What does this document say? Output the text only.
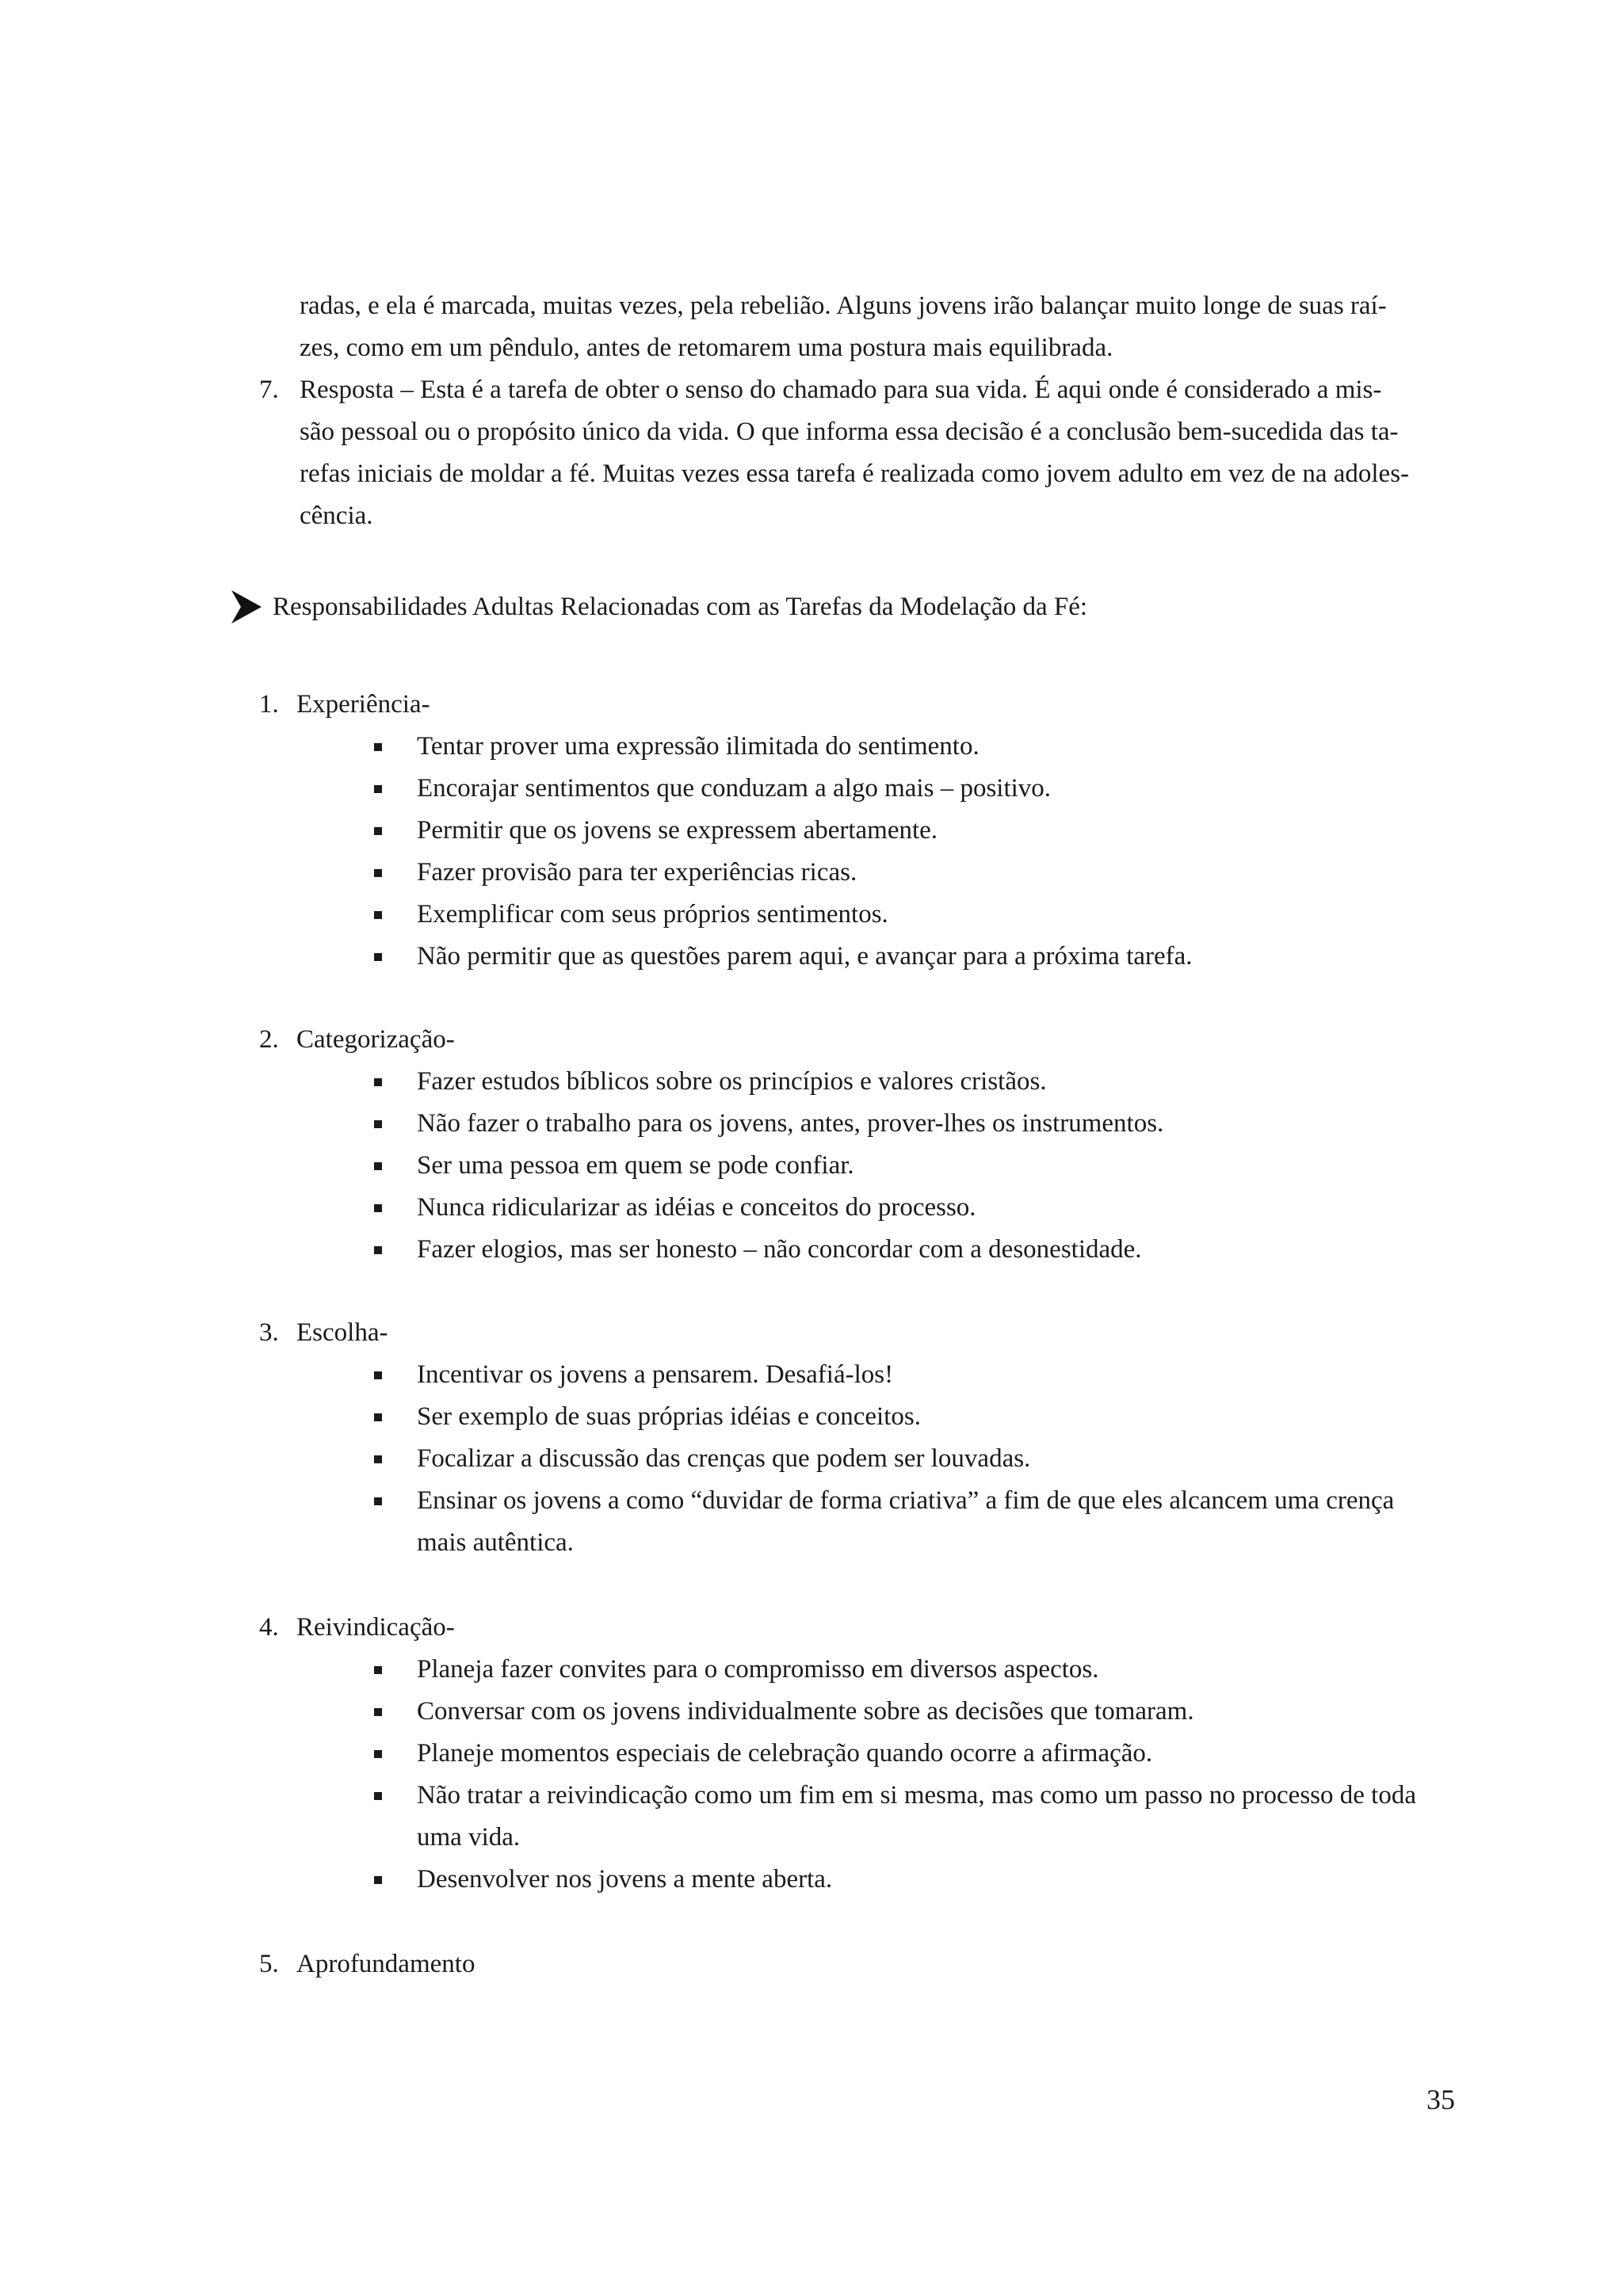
radas, e ela é marcada, muitas vezes, pela rebelião. Alguns jovens irão balançar muito longe de suas raí-
zes, como em um pêndulo, antes de retomarem uma postura mais equilibrada.
7. Resposta – Esta é a tarefa de obter o senso do chamado para sua vida. É aqui onde é considerado a mis-
são pessoal ou o propósito único da vida. O que informa essa decisão é a conclusão bem-sucedida das ta-
refas iniciais de moldar a fé. Muitas vezes essa tarefa é realizada como jovem adulto em vez de na adoles-
cência.
Responsabilidades Adultas Relacionadas com as Tarefas da Modelação da Fé:
1. Experiência-
Tentar prover uma expressão ilimitada do sentimento.
Encorajar sentimentos que conduzam a algo mais – positivo.
Permitir que os jovens se expressem abertamente.
Fazer provisão para ter experiências ricas.
Exemplificar com seus próprios sentimentos.
Não permitir que as questões parem aqui, e avançar para a próxima tarefa.
2. Categorização-
Fazer estudos bíblicos sobre os princípios e valores cristãos.
Não fazer o trabalho para os jovens, antes, prover-lhes os instrumentos.
Ser uma pessoa em quem se pode confiar.
Nunca ridicularizar as idéias e conceitos do processo.
Fazer elogios, mas ser honesto – não concordar com a desonestidade.
3. Escolha-
Incentivar os jovens a pensarem. Desafiá-los!
Ser exemplo de suas próprias idéias e conceitos.
Focalizar a discussão das crenças que podem ser louvadas.
Ensinar os jovens a como “duvidar de forma criativa” a fim de que eles alcancem uma crença mais autêntica.
4. Reivindicação-
Planeja fazer convites para o compromisso em diversos aspectos.
Conversar com os jovens individualmente sobre as decisões que tomaram.
Planeje momentos especiais de celebração quando ocorre a afirmação.
Não tratar a reivindicação como um fim em si mesma, mas como um passo no processo de toda uma vida.
Desenvolver nos jovens a mente aberta.
5. Aprofundamento
35
